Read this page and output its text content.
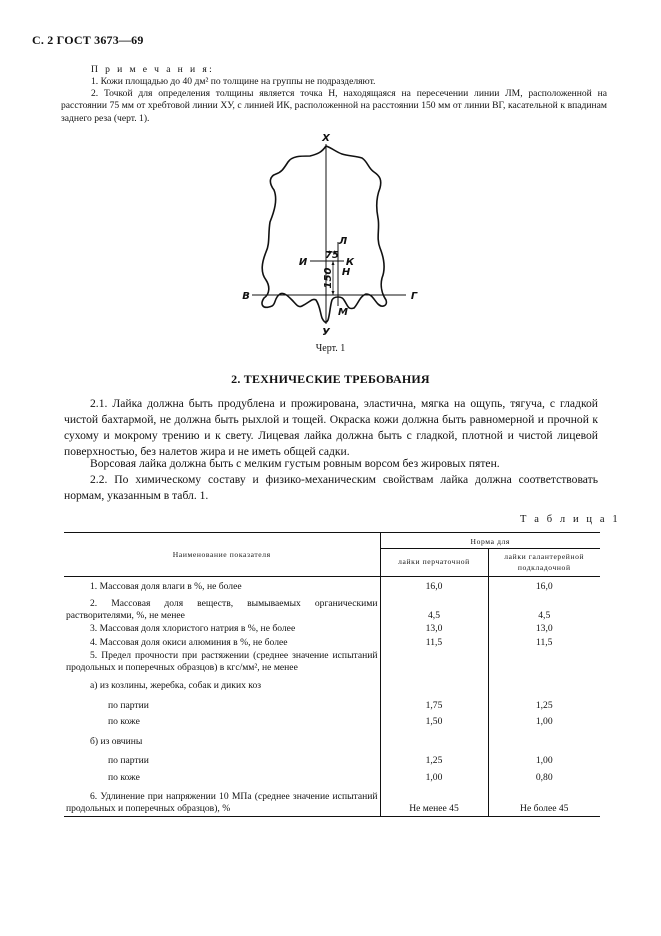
С. 2 ГОСТ 3673—69
П р и м е ч а н и я:
1. Кожи площадью до 40 дм² по толщине на группы не подразделяют.
2. Точкой для определения толщины является точка Н, находящаяся на пересечении линии ЛМ, расположенной на расстоянии 75 мм от хребтовой линии ХУ, с линией ИК, расположенной на расстоянии 150 мм от линии ВГ, касательной к впадинам заднего реза (черт. 1).
Х
У
Л
М
И	К
Н
В	Г
75
150
Черт. 1
2. ТЕХНИЧЕСКИЕ ТРЕБОВАНИЯ
2.1. Лайка должна быть продублена и прожирована, эластична, мягка на ощупь, тягуча, с гладкой чистой бахтармой, не должна быть рыхлой и тощей. Окраска кожи должна быть равномерной и прочной к сухому и мокрому трению и к свету. Лицевая лайка должна быть с гладкой, плотной и чистой лицевой поверхностью, без налетов жира и не иметь общей садки.
Ворсовая лайка должна быть с мелким густым ровным ворсом без жировых пятен.
2.2. По химическому составу и физико-механическим свойствам лайка должна соответствовать нормам, указанным в табл. 1.
Т а б л и ц а 1
Наименование показателя	Норма для	
	лайки перчаточной	лайки галантерейной подкладочной
1. Массовая доля влаги в %, не более	16,0	16,0
2. Массовая доля веществ, вымываемых органическими растворителями, %, не менее	4,5	4,5
3. Массовая доля хлористого натрия в %, не более	13,0	13,0
4. Массовая доля окиси алюминия в %, не более	11,5	11,5
5. Предел прочности при растяжении (среднее значение испытаний продольных и поперечных образцов) в кгс/мм², не менее		
а) из козлины, жеребка, собак и диких коз		
по партии	1,75	1,25
по коже	1,50	1,00
б) из овчины		
по партии	1,25	1,00
по коже	1,00	0,80
6. Удлинение при напряжении 10 МПа (среднее значение испытаний продольных и поперечных образцов), %	Не менее 45	Не более 45
